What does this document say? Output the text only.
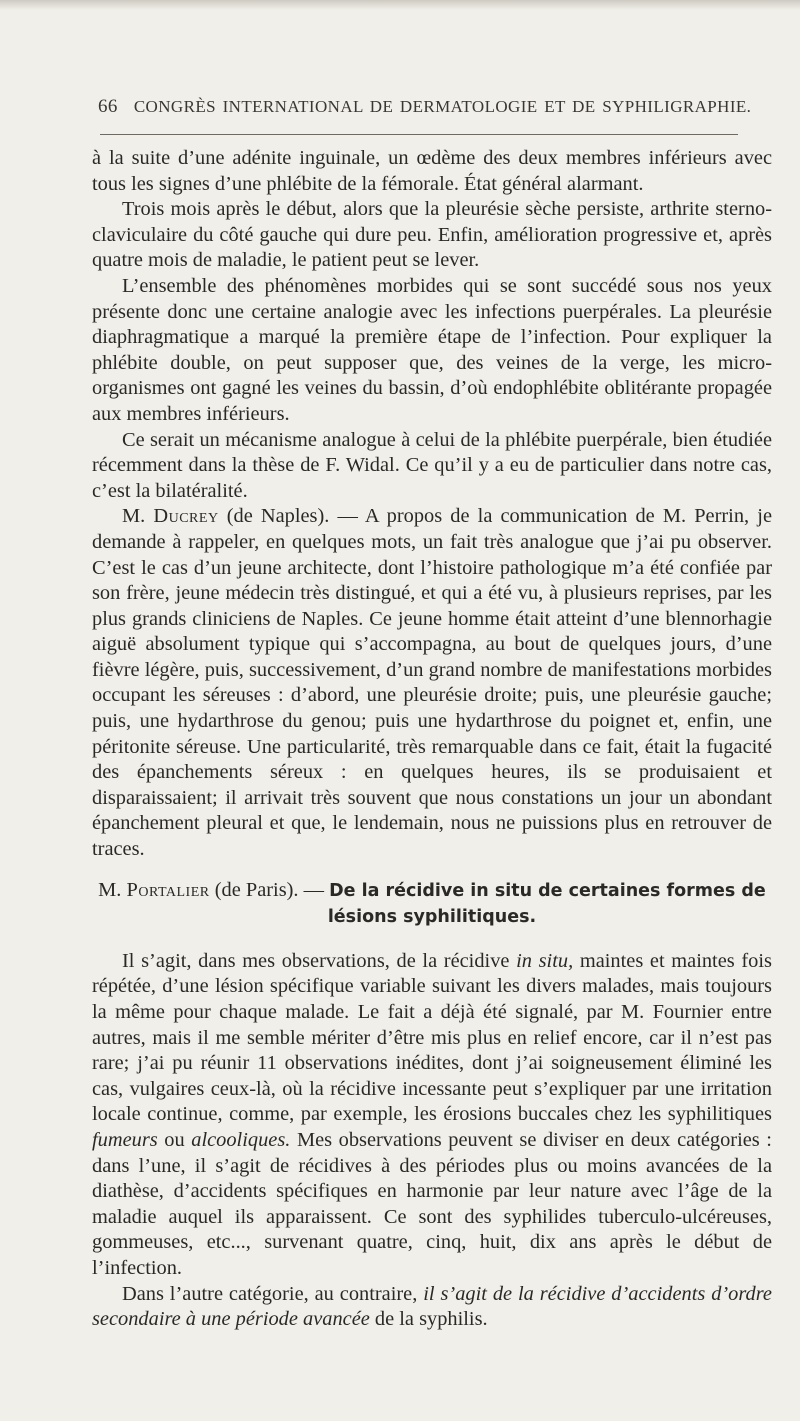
66 CONGRÈS INTERNATIONAL DE DERMATOLOGIE ET DE SYPHILIGRAPHIE.

à la suite d’une adénite inguinale, un œdème des deux membres inférieurs avec tous les signes d’une phlébite de la fémorale. État général alarmant.

Trois mois après le début, alors que la pleurésie sèche persiste, arthrite sterno-claviculaire du côté gauche qui dure peu. Enfin, amélioration progressive et, après quatre mois de maladie, le patient peut se lever.

L’ensemble des phénomènes morbides qui se sont succédé sous nos yeux présente donc une certaine analogie avec les infections puerpérales. La pleurésie diaphragmatique a marqué la première étape de l’infection. Pour expliquer la phlébite double, on peut supposer que, des veines de la verge, les micro-organismes ont gagné les veines du bassin, d’où endophlébite oblitérante propagée aux membres inférieurs.

Ce serait un mécanisme analogue à celui de la phlébite puerpérale, bien étudiée récemment dans la thèse de F. Widal. Ce qu’il y a eu de particulier dans notre cas, c’est la bilatéralité.

M. Ducrey (de Naples). — A propos de la communication de M. Perrin, je demande à rappeler, en quelques mots, un fait très analogue que j’ai pu observer. C’est le cas d’un jeune architecte, dont l’histoire pathologique m’a été confiée par son frère, jeune médecin très distingué, et qui a été vu, à plusieurs reprises, par les plus grands cliniciens de Naples. Ce jeune homme était atteint d’une blennorhagie aiguë absolument typique qui s’accompagna, au bout de quelques jours, d’une fièvre légère, puis, successivement, d’un grand nombre de manifestations morbides occupant les séreuses : d’abord, une pleurésie droite; puis, une pleurésie gauche; puis, une hydarthrose du genou; puis une hydarthrose du poignet et, enfin, une péritonite séreuse. Une particularité, très remarquable dans ce fait, était la fugacité des épanchements séreux : en quelques heures, ils se produisaient et disparaissaient; il arrivait très souvent que nous constations un jour un abondant épanchement pleural et que, le lendemain, nous ne puissions plus en retrouver de traces.

M. Portalier (de Paris). — De la récidive in situ de certaines formes de lésions syphilitiques.

Il s’agit, dans mes observations, de la récidive in situ, maintes et maintes fois répétée, d’une lésion spécifique variable suivant les divers malades, mais toujours la même pour chaque malade. Le fait a déjà été signalé, par M. Fournier entre autres, mais il me semble mériter d’être mis plus en relief encore, car il n’est pas rare; j’ai pu réunir 11 observations inédites, dont j’ai soigneusement éliminé les cas, vulgaires ceux-là, où la récidive incessante peut s’expliquer par une irritation locale continue, comme, par exemple, les érosions buccales chez les syphilitiques fumeurs ou alcooliques. Mes observations peuvent se diviser en deux catégories : dans l’une, il s’agit de récidives à des périodes plus ou moins avancées de la diathèse, d’accidents spécifiques en harmonie par leur nature avec l’âge de la maladie auquel ils apparaissent. Ce sont des syphilides tuberculo-ulcéreuses, gommeuses, etc..., survenant quatre, cinq, huit, dix ans après le début de l’infection.

Dans l’autre catégorie, au contraire, il s’agit de la récidive d’accidents d’ordre secondaire à une période avancée de la syphilis.
